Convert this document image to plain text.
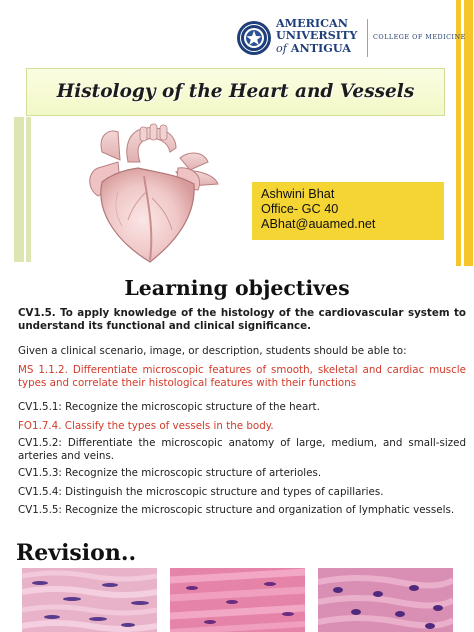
AMERICAN
UNIVERSITY
of ANTIGUA
COLLEGE OF MEDICINE
Histology of the Heart and Vessels
Ashwini Bhat
Office- GC 40
ABhat@auamed.net
Learning objectives
CV1.5. To apply knowledge of the histology of the cardiovascular system to understand its functional and clinical significance.
Given a clinical scenario, image, or description, students should be able to:
MS 1.1.2. Differentiate microscopic features of smooth, skeletal and cardiac muscle types and correlate their histological features with their functions
CV1.5.1: Recognize the microscopic structure of the heart.
FO1.7.4. Classify the types of vessels in the body.
CV1.5.2: Differentiate the microscopic anatomy of large, medium, and small-sized arteries and veins.
CV1.5.3: Recognize the microscopic structure of arterioles.
CV1.5.4: Distinguish the microscopic structure and types of capillaries.
CV1.5.5: Recognize the microscopic structure and organization of lymphatic vessels.
Revision..
